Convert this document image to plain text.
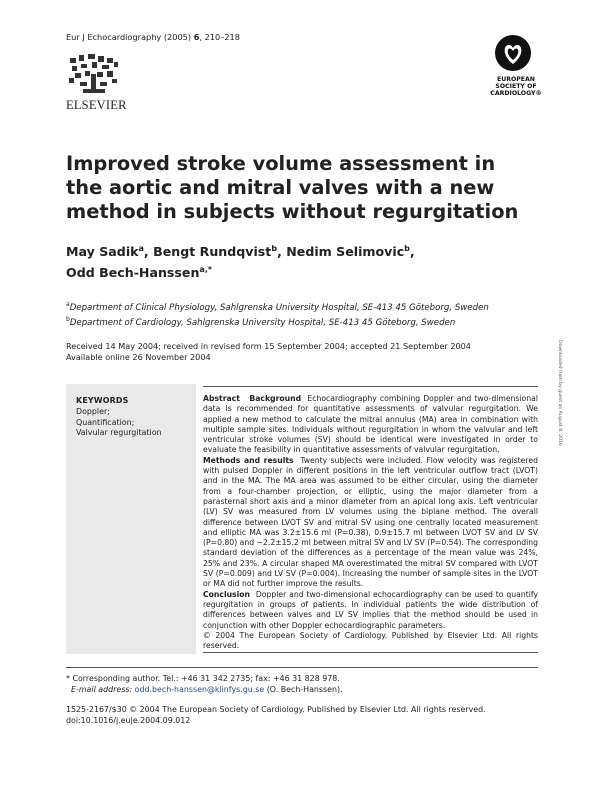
Eur J Echocardiography (2005) 6, 210–218
ELSEVIER
EUROPEAN
SOCIETY OF
CARDIOLOGY®
Improved stroke volume assessment in the aortic and mitral valves with a new method in subjects without regurgitation
May Sadik$^a$, Bengt Rundqvist$^b$, Nedim Selimovic$^b$,
Odd Bech-Hanssen$^{a,*}$
$^a$Department of Clinical Physiology, Sahlgrenska University Hospital, SE-413 45 Göteborg, Sweden
$^b$Department of Cardiology, Sahlgrenska University Hospital, SE-413 45 Göteborg, Sweden
Received 14 May 2004; received in revised form 15 September 2004; accepted 21 September 2004
Available online 26 November 2004	Downloaded from by guest on August 8, 2016
KEYWORDS
Doppler;
Quantification;
Valvular regurgitation

Abstract Background Echocardiography combining Doppler and two-dimensional data is recommended for quantitative assessments of valvular regurgitation. We applied a new method to calculate the mitral annulus (MA) area in combination with multiple sample sites. Individuals without regurgitation in whom the valvular and left ventricular stroke volumes (SV) should be identical were investigated in order to evaluate the feasibility in quantitative assessments of valvular regurgitation.

Methods and results Twenty subjects were included. Flow velocity was registered with pulsed Doppler in different positions in the left ventricular outflow tract (LVOT) and in the MA. The MA area was assumed to be either circular, using the diameter from a four-chamber projection, or elliptic, using the major diameter from a parasternal short axis and a minor diameter from an apical long axis. Left ventricular (LV) SV was measured from LV volumes using the biplane method. The overall difference between LVOT SV and mitral SV using one centrally located measurement and elliptic MA was 3.2±15.6 ml (P=0.38), 0.9±15.7 ml between LVOT SV and LV SV (P=0.80) and −2.2±15.2 ml between mitral SV and LV SV (P=0.54). The corresponding standard deviation of the differences as a percentage of the mean value was 24%, 25% and 23%. A circular shaped MA overestimated the mitral SV compared with LVOT SV (P=0.009) and LV SV (P=0.004). Increasing the number of sample sites in the LVOT or MA did not further improve the results.

Conclusion Doppler and two-dimensional echocardiography can be used to quantify regurgitation in groups of patients. In individual patients the wide distribution of differences between valves and LV SV implies that the method should be used in conjunction with other Doppler echocardiographic parameters.

© 2004 The European Society of Cardiology. Published by Elsevier Ltd. All rights reserved.

* Corresponding author. Tel.: +46 31 342 2735; fax: +46 31 828 978.
E-mail address: odd.bech-hanssen@klinfys.gu.se (O. Bech-Hanssen).
1525-2167/$30 © 2004 The European Society of Cardiology. Published by Elsevier Ltd. All rights reserved.
doi:10.1016/j.euje.2004.09.012
